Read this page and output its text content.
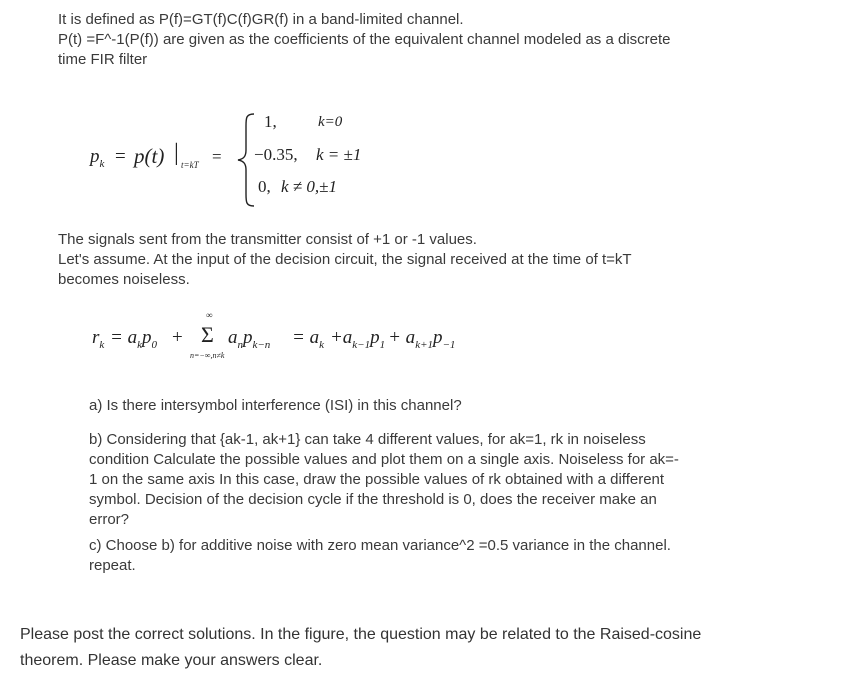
It is defined as P(f)=GT(f)C(f)GR(f) in a band-limited channel.
P(t) =F^-1(P(f)) are given as the coefficients of the equivalent channel modeled as a discrete
time FIR filter
$p_k = p(t)$ | t=kT =
1,	k=0
−0.35, k = ±1
0, k ≠ 0,±1
The signals sent from the transmitter consist of +1 or -1 values.
Let's assume. At the input of the decision circuit, the signal received at the time of t=kT
becomes noiseless.
$r_k = a_kp_0$ +
∞
Σ
n=−∞,n≠k
$a_np_{k-n} = a_k +a_{k-1}p_1 + a_{k+1}p_{-1}$
a) Is there intersymbol interference (ISI) in this channel?
b) Considering that {ak-1, ak+1} can take 4 different values, for ak=1, rk in noiseless
condition Calculate the possible values and plot them on a single axis. Noiseless for ak=-
1 on the same axis In this case, draw the possible values of rk obtained with a different
symbol. Decision of the decision cycle if the threshold is 0, does the receiver make an
error?
c) Choose b) for additive noise with zero mean variance^2 =0.5 variance in the channel.
repeat.
Please post the correct solutions. In the figure, the question may be related to the Raised-cosine
theorem. Please make your answers clear.
